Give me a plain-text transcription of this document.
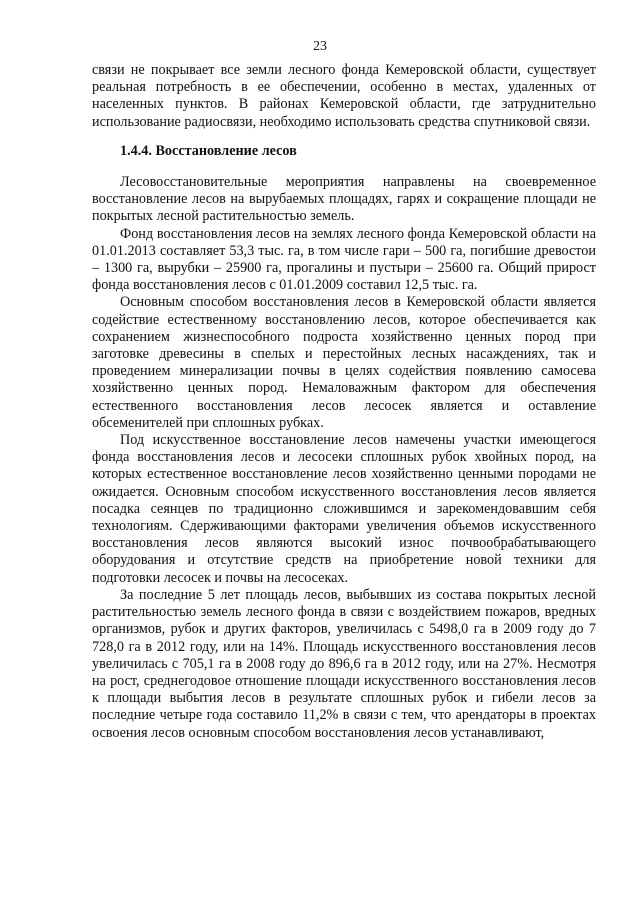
23

связи не покрывает все земли лесного фонда Кемеровской области, существует реальная потребность в ее обеспечении, особенно в местах, удаленных от населенных пунктов. В районах Кемеровской области, где затруднительно использование радиосвязи, необходимо использовать средства спутниковой связи.

1.4.4. Восстановление лесов

Лесовосстановительные мероприятия направлены на своевременное восстановление лесов на вырубаемых площадях, гарях и сокращение площади не покрытых лесной растительностью земель.

Фонд восстановления лесов на землях лесного фонда Кемеровской области на 01.01.2013 составляет 53,3 тыс. га, в том числе гари – 500 га, погибшие древостои – 1300 га, вырубки – 25900 га, прогалины и пустыри – 25600 га. Общий прирост фонда восстановления лесов с 01.01.2009 составил 12,5 тыс. га.

Основным способом восстановления лесов в Кемеровской области является содействие естественному восстановлению лесов, которое обеспечивается как сохранением жизнеспособного подроста хозяйственно ценных пород при заготовке древесины в спелых и перестойных лесных насаждениях, так и проведением минерализации почвы в целях содействия появлению самосева хозяйственно ценных пород. Немаловажным фактором для обеспечения естественного восстановления лесов лесосек является и оставление обсеменителей при сплошных рубках.

Под искусственное восстановление лесов намечены участки имеющегося фонда восстановления лесов и лесосеки сплошных рубок хвойных пород, на которых естественное восстановление лесов хозяйственно ценными породами не ожидается. Основным способом искусственного восстановления лесов является посадка сеянцев по традиционно сложившимся и зарекомендовавшим себя технологиям. Сдерживающими факторами увеличения объемов искусственного восстановления лесов являются высокий износ почвообрабатывающего оборудования и отсутствие средств на приобретение новой техники для подготовки лесосек и почвы на лесосеках.

За последние 5 лет площадь лесов, выбывших из состава покрытых лесной растительностью земель лесного фонда в связи с воздействием пожаров, вредных организмов, рубок и других факторов, увеличилась с 5498,0 га в 2009 году до 7 728,0 га в 2012 году, или на 14%. Площадь искусственного восстановления лесов увеличилась с 705,1 га в 2008 году до 896,6 га в 2012 году, или на 27%. Несмотря на рост, среднегодовое отношение площади искусственного восстановления лесов к площади выбытия лесов в результате сплошных рубок и гибели лесов за последние четыре года составило 11,2% в связи с тем, что арендаторы в проектах освоения лесов основным способом восстановления лесов устанавливают,
